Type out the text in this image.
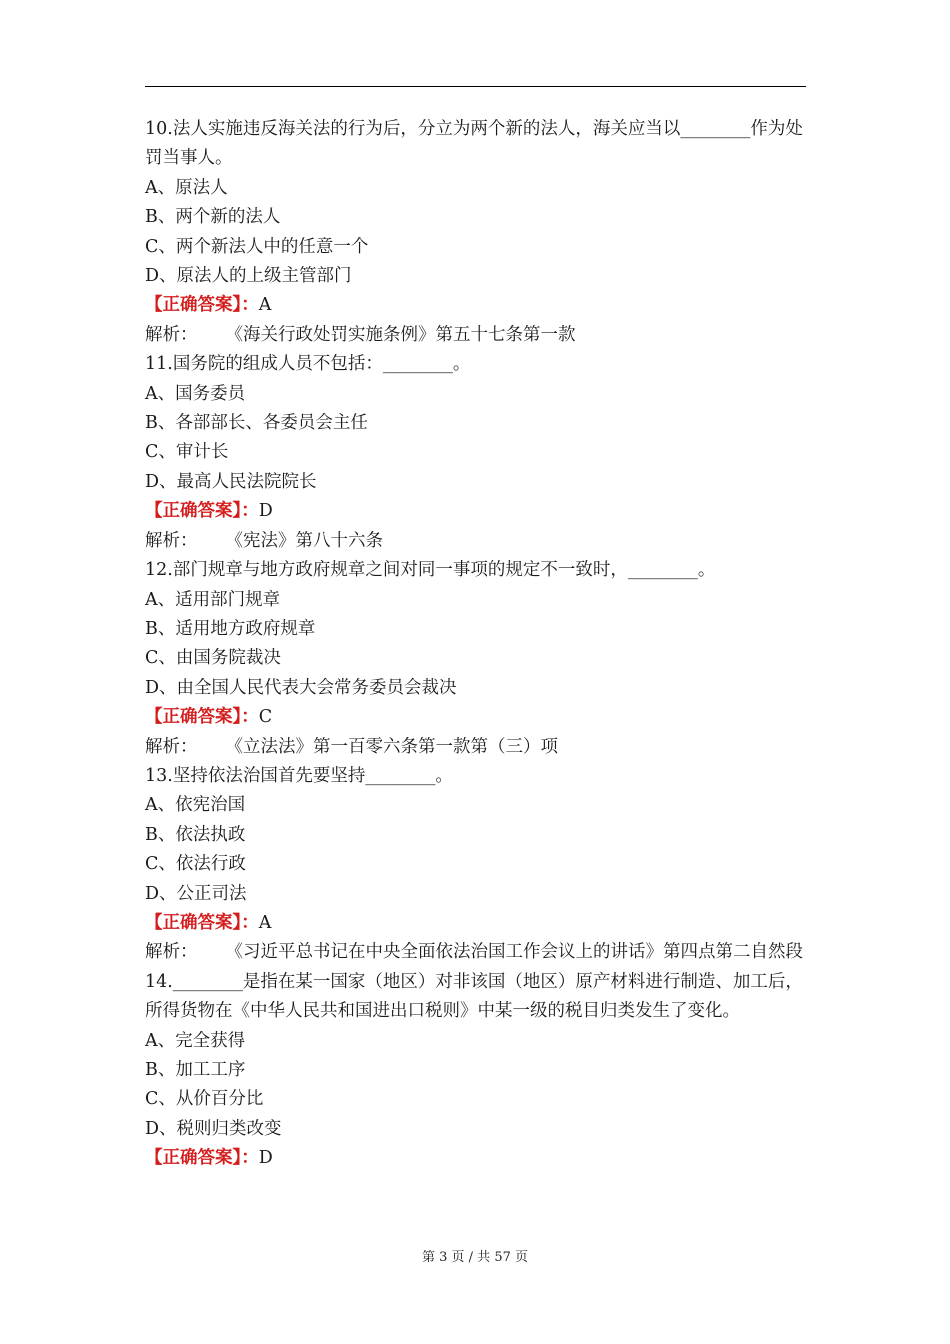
10.法人实施违反海关法的行为后，分立为两个新的法人，海关应当以________作为处罚当事人。
A、原法人
B、两个新的法人
C、两个新法人中的任意一个
D、原法人的上级主管部门
【正确答案】：A
解析： 《海关行政处罚实施条例》第五十七条第一款
11.国务院的组成人员不包括：________。
A、国务委员
B、各部部长、各委员会主任
C、审计长
D、最高人民法院院长
【正确答案】：D
解析： 《宪法》第八十六条
12.部门规章与地方政府规章之间对同一事项的规定不一致时，________。
A、适用部门规章
B、适用地方政府规章
C、由国务院裁决
D、由全国人民代表大会常务委员会裁决
【正确答案】：C
解析： 《立法法》第一百零六条第一款第（三）项
13.坚持依法治国首先要坚持________。
A、依宪治国
B、依法执政
C、依法行政
D、公正司法
【正确答案】：A
解析： 《习近平总书记在中央全面依法治国工作会议上的讲话》第四点第二自然段
14.________是指在某一国家（地区）对非该国（地区）原产材料进行制造、加工后，所得货物在《中华人民共和国进出口税则》中某一级的税目归类发生了变化。
A、完全获得
B、加工工序
C、从价百分比
D、税则归类改变
【正确答案】：D
第 3 页 / 共 57 页
